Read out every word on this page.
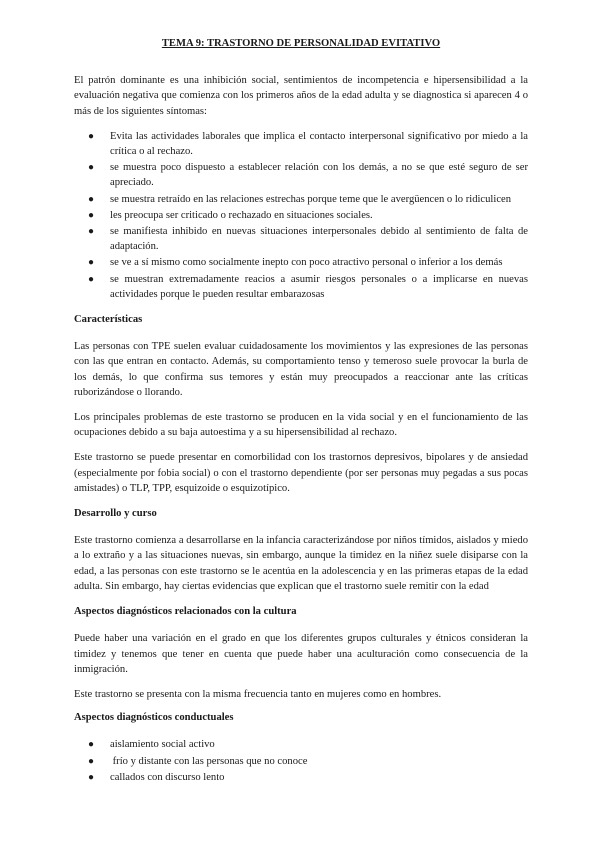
TEMA 9: TRASTORNO DE PERSONALIDAD EVITATIVO

El patrón dominante es una inhibición social, sentimientos de incompetencia e hipersensibilidad a la evaluación negativa que comienza con los primeros años de la edad adulta y se diagnostica si aparecen 4 o más de los siguientes síntomas:

● Evita las actividades laborales que implica el contacto interpersonal significativo por miedo a la crítica o al rechazo.
● se muestra poco dispuesto a establecer relación con los demás, a no se que esté seguro de ser apreciado.
● se muestra retraído en las relaciones estrechas porque teme que le avergüencen o lo ridiculicen
● les preocupa ser criticado o rechazado en situaciones sociales.
● se manifiesta inhibido en nuevas situaciones interpersonales debido al sentimiento de falta de adaptación.
● se ve a sí mismo como socialmente inepto con poco atractivo personal o inferior a los demás
● se muestran extremadamente reacios a asumir riesgos personales o a implicarse en nuevas actividades porque le pueden resultar embarazosas
Características

Las personas con TPE suelen evaluar cuidadosamente los movimientos y las expresiones de las personas con las que entran en contacto. Además, su comportamiento tenso y temeroso suele provocar la burla de los demás, lo que confirma sus temores y están muy preocupados a reaccionar ante las críticas ruborizándose o llorando.

Los principales problemas de este trastorno se producen en la vida social y en el funcionamiento de las ocupaciones debido a su baja autoestima y a su hipersensibilidad al rechazo.

Este trastorno se puede presentar en comorbilidad con los trastornos depresivos, bipolares y de ansiedad (especialmente por fobia social) o con el trastorno dependiente (por ser personas muy pegadas a sus pocas amistades) o TLP, TPP, esquizoide o esquizotípico.

Desarrollo y curso

Este trastorno comienza a desarrollarse en la infancia caracterizándose por niños tímidos, aislados y miedo a lo extraño y a las situaciones nuevas, sin embargo, aunque la timidez en la niñez suele disiparse con la edad, a las personas con este trastorno se le acentúa en la adolescencia y en las primeras etapas de la edad adulta. Sin embargo, hay ciertas evidencias que explican que el trastorno suele remitir con la edad

Aspectos diagnósticos relacionados con la cultura

Puede haber una variación en el grado en que los diferentes grupos culturales y étnicos consideran la timidez y tenemos que tener en cuenta que puede haber una aculturación como consecuencia de la inmigración.

Este trastorno se presenta con la misma frecuencia tanto en mujeres como en hombres.

Aspectos diagnósticos conductuales
● aislamiento social activo
● frío y distante con las personas que no conoce
● callados con discurso lento
